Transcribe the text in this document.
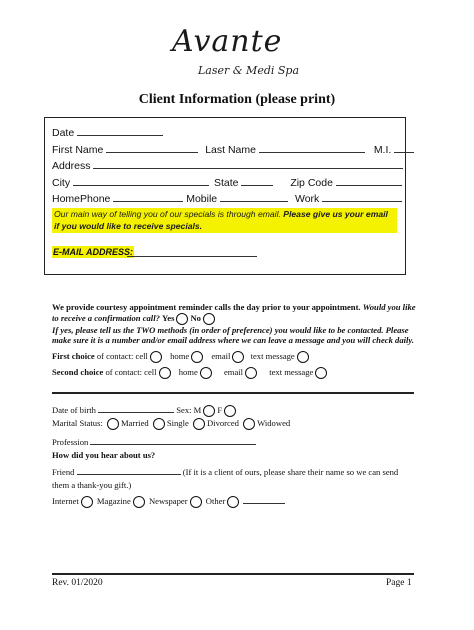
Avante
Laser & Medi Spa
Client Information (please print)
Date
First Name	Last Name	M.I.
Address
City	State	Zip Code
HomePhone	Mobile	Work
Our main way of telling you of our specials is through email. Please give us your email if you would like to receive specials.
E-MAIL ADDRESS:
We provide courtesy appointment reminder calls the day prior to your appointment. Would you like to receive a confirmation call? Yes No
If yes, please tell us the TWO methods (in order of preference) you would like to be contacted. Please make sure it is a number and/or email address where we can leave a message and you will check daily.
First choice of contact: cell	home	email text message
Second choice of contact: cell	home	email	text message
Date of birth	Sex: M F
Marital Status: Married Single Divorced Widowed
Profession
How did you hear about us?
Friend	(If it is a client of ours, please share their name so we can send
them a thank-you gift.)
Internet Magazine Newspaper Other
Rev. 01/2020	Page 1
